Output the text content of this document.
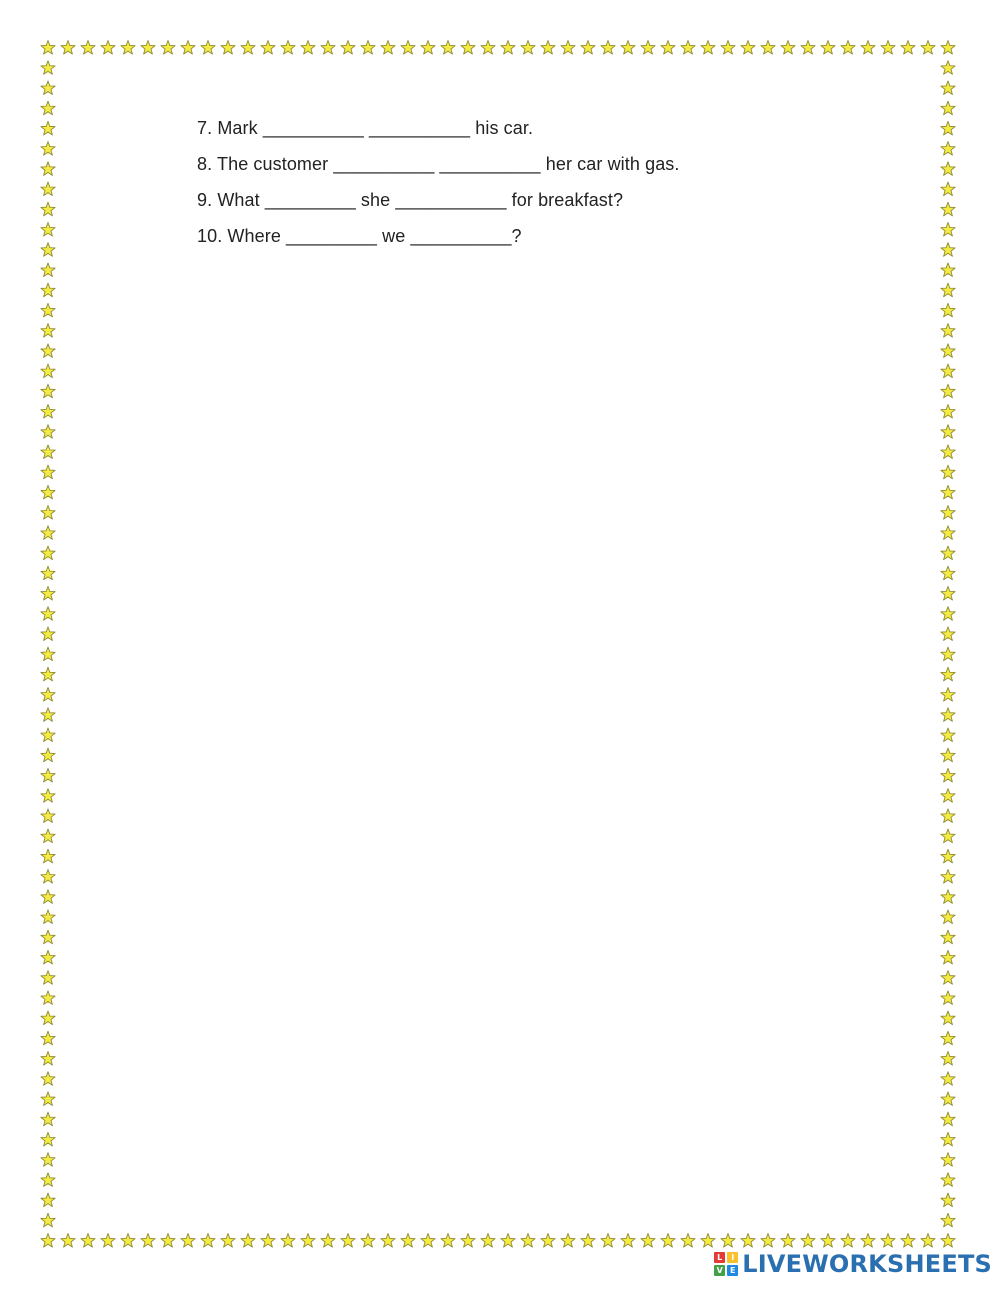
7. Mark __________ __________ his car.
8. The customer __________ __________ her car with gas.
9. What _________ she ___________ for breakfast?
10. Where _________ we __________?
L	I
V E LIVEWORKSHEETS
